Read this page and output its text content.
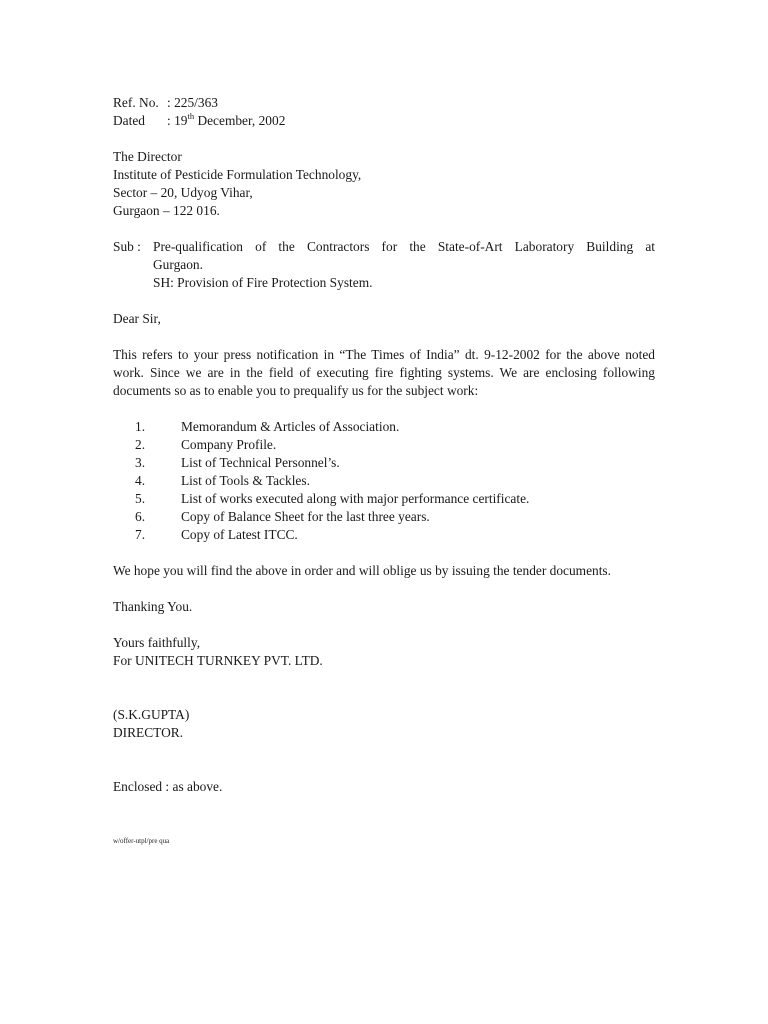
Ref. No. : 225/363
Dated : 19th December, 2002
The Director
Institute of Pesticide Formulation Technology,
Sector – 20, Udyog Vihar,
Gurgaon – 122 016.
Sub : Pre-qualification of the Contractors for the State-of-Art Laboratory Building at
Gurgaon.
SH: Provision of Fire Protection System.
Dear Sir,
This refers to your press notification in “The Times of India” dt. 9-12-2002 for the above noted work. Since we are in the field of executing fire fighting systems. We are enclosing following documents so as to enable you to prequalify us for the subject work:
1.	Memorandum & Articles of Association.
2.	Company Profile.
3.	List of Technical Personnel’s.
4.	List of Tools & Tackles.
5.	List of works executed along with major performance certificate.
6.	Copy of Balance Sheet for the last three years.
7.	Copy of Latest ITCC.
We hope you will find the above in order and will oblige us by issuing the tender documents.
Thanking You.
Yours faithfully,
For UNITECH TURNKEY PVT. LTD.
(S.K.GUPTA)
DIRECTOR.
Enclosed : as above.
w/offer-utpl/pre qua
